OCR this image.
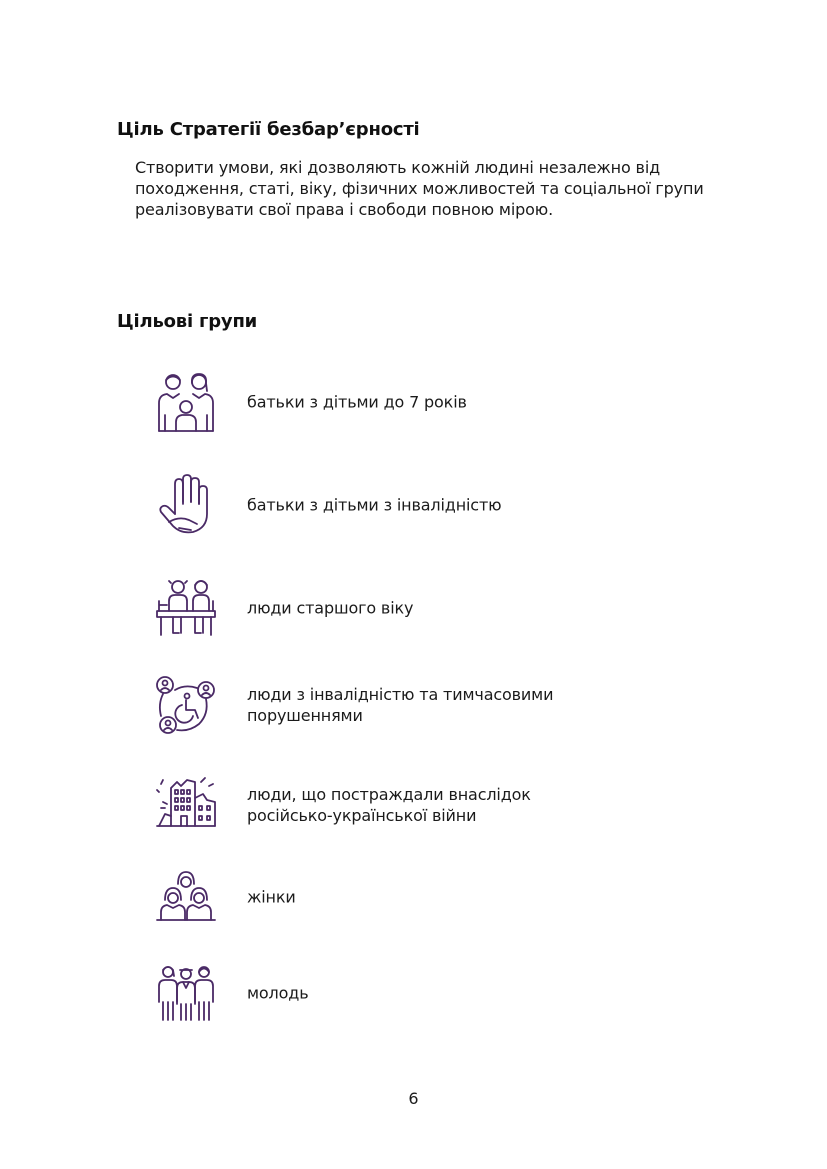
Ціль Стратегії безбар’єрності

Створити умови, які дозволяють кожній людині незалежно від
походження, статі, віку, фізичних можливостей та соціальної групи
реалізовувати свої права і свободи повною мірою.

Цільові групи
батьки з дітьми до 7 років
батьки з дітьми з інвалідністю
люди старшого віку
люди з інвалідністю та тимчасовими
порушеннями
люди, що постраждали внаслідок
російсько-української війни
жінки
молодь
6
